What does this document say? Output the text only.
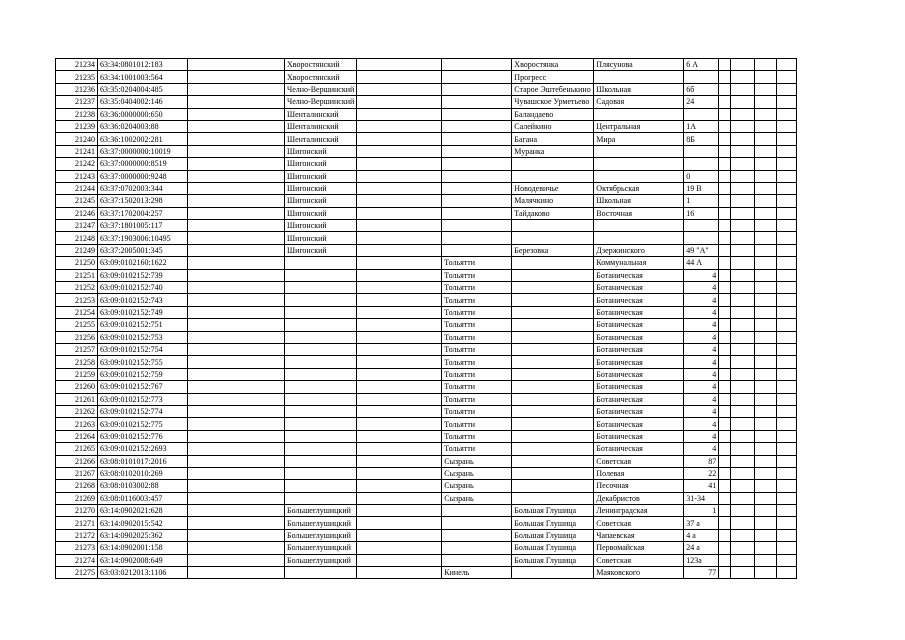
21234	63:34:0801012:183		Хворостянский			Хворостянка	Плясунова	6 А				
21235	63:34:1001003:564		Хворостянский			Прогресс						
21236	63:35:0204004:485		Челно-Вершинский			Старое Эштебенькино	Школьная	6б				
21237	63:35:0404002:146		Челно-Вершинский			Чувашское Урметьево	Садовая	24				
21238	63:36:0000000:650		Шенталинский			Баландаево						
21239	63:36:0204003:88		Шенталинский			Салейкино	Центральная	1А				
21240	63:36:1002002:281		Шенталинский			Багана	Мира	8Б				
21241	63:37:0000000:10019		Шигонский			Муранка						
21242	63:37:0000000:8519		Шигонский									
21243	63:37:0000000:9248		Шигонский					0				
21244	63:37:0702003:344		Шигонский			Новодевичье	Октябрьская	19 В				
21245	63:37:1502013:298		Шигонский			Малячкино	Школьная	1				
21246	63:37:1702004:257		Шигонский			Тайдаково	Восточная	16				
21247	63:37:1801005:117		Шигонский									
21248	63:37:1903006:10495		Шигонский									
21249	63:37:2005001:345		Шигонский			Березовка	Дзержинского	49 "А"				
21250	63:09:0102160:1622				Тольятти		Коммунальная	44 А				
21251	63:09:0102152:739				Тольятти		Ботаническая	4				
21252	63:09:0102152:740				Тольятти		Ботаническая	4				
21253	63:09:0102152:743				Тольятти		Ботаническая	4				
21254	63:09:0102152:749				Тольятти		Ботаническая	4				
21255	63:09:0102152:751				Тольятти		Ботаническая	4				
21256	63:09:0102152:753				Тольятти		Ботаническая	4				
21257	63:09:0102152:754				Тольятти		Ботаническая	4				
21258	63:09:0102152:755				Тольятти		Ботаническая	4				
21259	63:09:0102152:759				Тольятти		Ботаническая	4				
21260	63:09:0102152:767				Тольятти		Ботаническая	4				
21261	63:09:0102152:773				Тольятти		Ботаническая	4				
21262	63:09:0102152:774				Тольятти		Ботаническая	4				
21263	63:09:0102152:775				Тольятти		Ботаническая	4				
21264	63:09:0102152:776				Тольятти		Ботаническая	4				
21265	63:09:0102152:2693				Тольятти		Ботаническая	4				
21266	63:08:0101017:2016				Сызрань		Советская	87				
21267	63:08:0102010:269				Сызрань		Полевая	22				
21268	63:08:0103002:88				Сызрань		Песочная	41				
21269	63:08:0116003:457				Сызрань		Декабристов	31-34				
21270	63:14:0902021:628		Большеглушицкий			Большая Глушица	Ленинградская	1				
21271	63:14:0902015:542		Большеглушицкий			Большая Глушица	Советская	37 а				
21272	63:14:0902025:362		Большеглушицкий			Большая Глушица	Чапаевская	4 а				
21273	63:14:0902001:158		Большеглушицкий			Большая Глушица	Первомайская	24 а				
21274	63:14:0902008:649		Большеглушицкий			Большая Глушица	Советская	123а				
21275	63:03:0212013:1106				Кинель		Маяковского	77				
